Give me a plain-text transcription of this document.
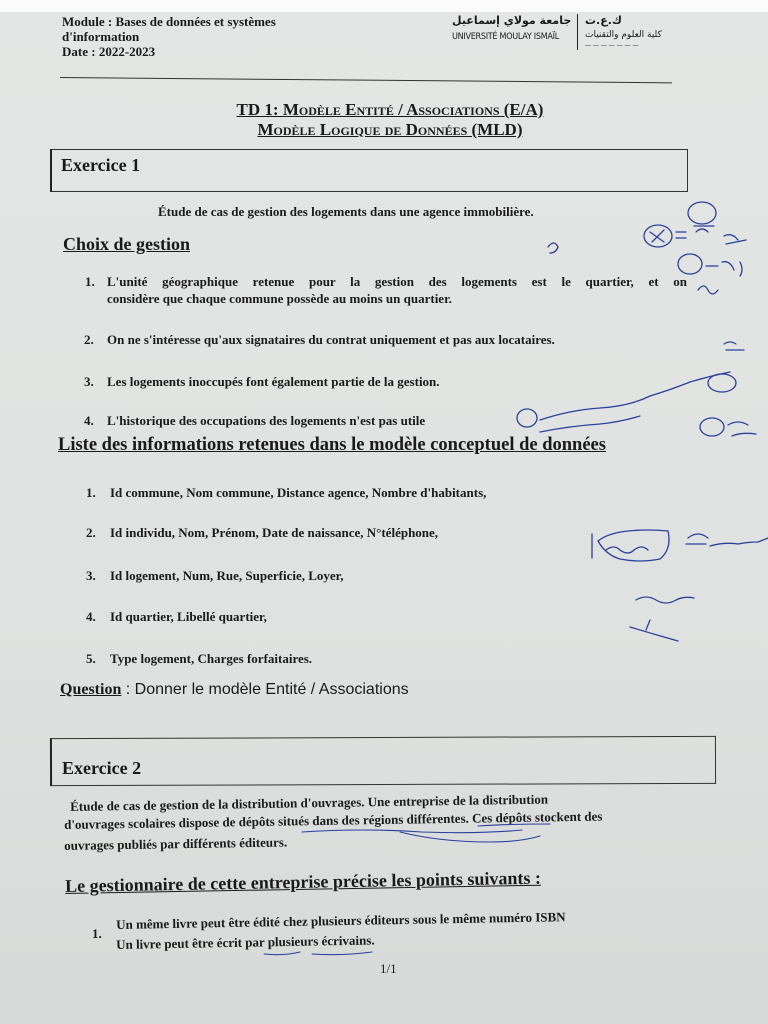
Module : Bases de données et systèmes
d'information
Date : 2022-2023
جامعة مولاي إسماعيل
UNIVERSITÉ MOULAY ISMAÏL
ك.ع.ت
كلية العلوم والتقنيات
— — — — — — —
TD 1: Modèle Entité / Associations (E/A)
Modèle Logique de Données (MLD)
Exercice 1
Étude de cas de gestion des logements dans une agence immobilière.
Choix de gestion
1. L'unité géographique retenue pour la gestion des logements est le quartier, et on
considère que chaque commune possède au moins un quartier.
2. On ne s'intéresse qu'aux signataires du contrat uniquement et pas aux locataires.
3. Les logements inoccupés font également partie de la gestion.
4. L'historique des occupations des logements n'est pas utile
Liste des informations retenues dans le modèle conceptuel de données
1. Id commune, Nom commune, Distance agence, Nombre d'habitants,
2. Id individu, Nom, Prénom, Date de naissance, N°téléphone,
3. Id logement, Num, Rue, Superficie, Loyer,
4. Id quartier, Libellé quartier,
5. Type logement, Charges forfaitaires.
Question : Donner le modèle Entité / Associations
Exercice 2
Étude de cas de gestion de la distribution d'ouvrages. Une entreprise de la distribution
d'ouvrages scolaires dispose de dépôts situés dans des régions différentes. Ces dépôts stockent des
ouvrages publiés par différents éditeurs.
Le gestionnaire de cette entreprise précise les points suivants :
1.
Un même livre peut être édité chez plusieurs éditeurs sous le même numéro ISBN
Un livre peut être écrit par plusieurs écrivains.
1/1
